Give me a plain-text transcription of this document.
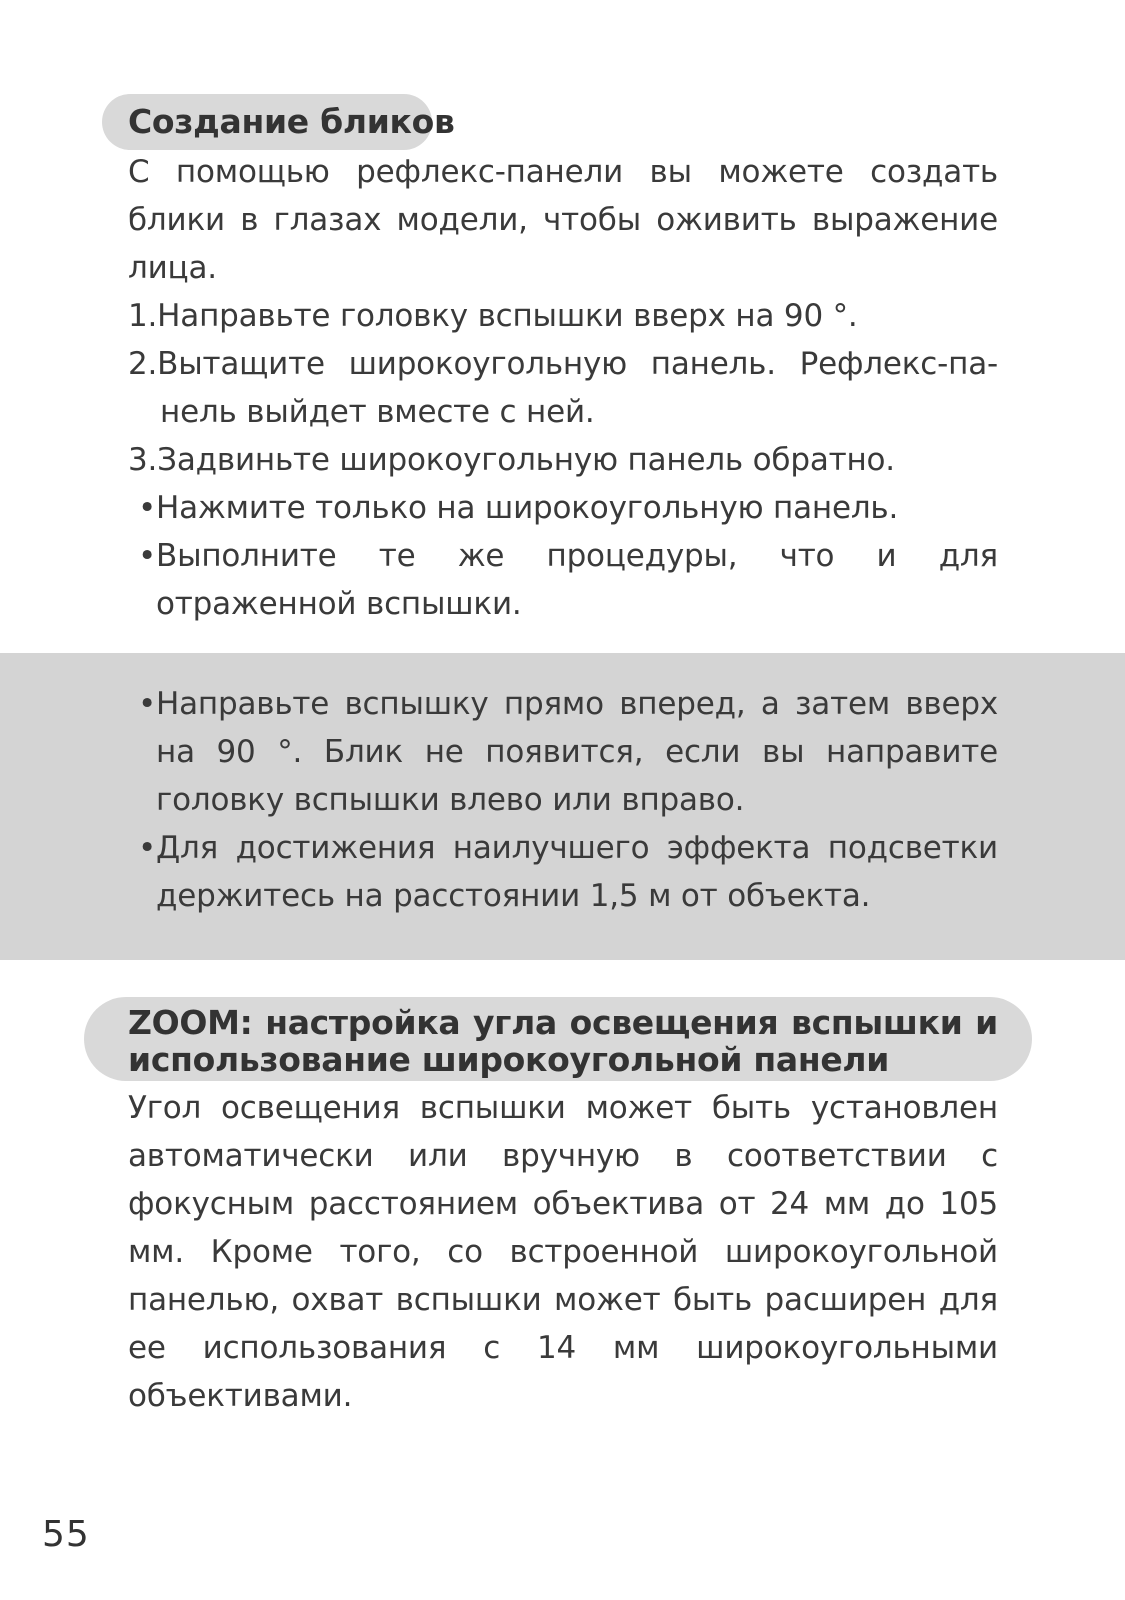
Создание бликов

С помощью рефлекс-панели вы можете создать блики в глазах модели, чтобы оживить выражение лица.

1.Направьте головку вспышки вверх на 90 °.

2.Вытащите широкоугольную панель. Рефлекс-па-

нель выйдет вместе с ней.

3.Задвиньте широкоугольную панель обратно.

• Нажмите только на широкоугольную панель.
• Выполните те же процедуры, что и для отраженной вспышки.
• Направьте вспышку прямо вперед, а затем вверх на 90 °. Блик не появится, если вы направите головку вспышки влево или вправо.
• Для достижения наилучшего эффекта подсветки держитесь на расстоянии 1,5 м от объекта.
ZOOM: настройка угла освещения вспышки и
использование широкоугольной панели

Угол освещения вспышки может быть установлен автоматически или вручную в соответствии с фокусным расстоянием объектива от 24 мм до 105 мм. Кроме того, со встроенной широкоугольной панелью, охват вспышки может быть расширен для ее использования с 14 мм широкоугольными объективами.

55
